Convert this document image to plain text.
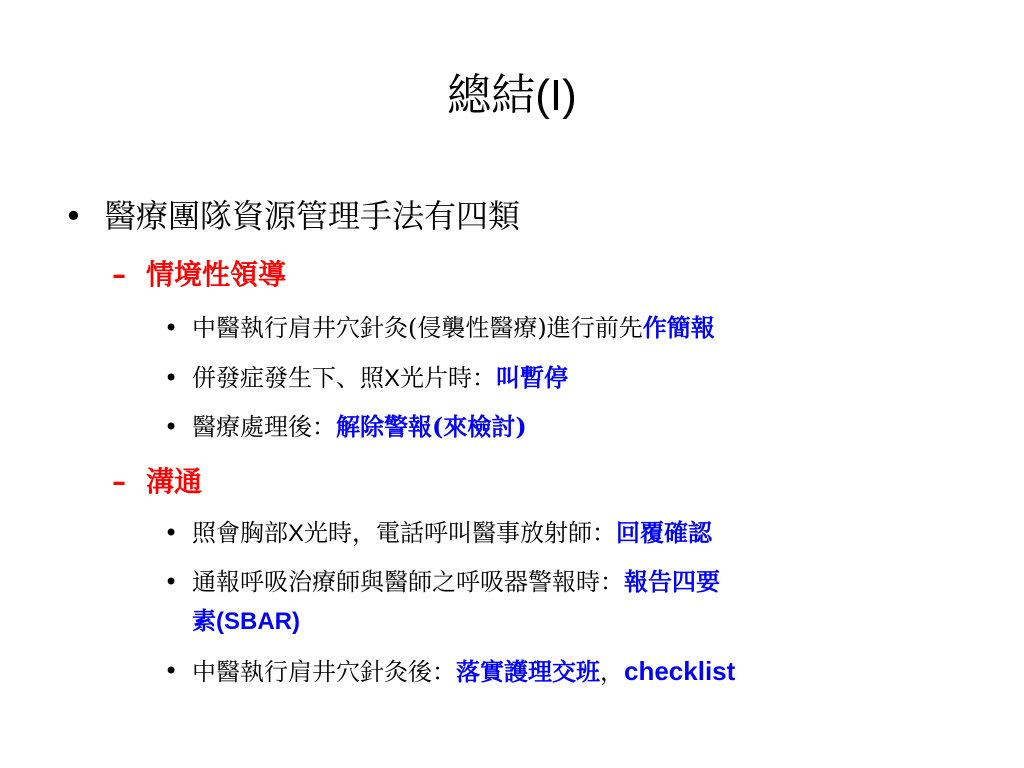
總結(I)
• 醫療團隊資源管理手法有四類
– 情境性領導
• 中醫執行肩井穴針灸(侵襲性醫療)進行前先作簡報
• 併發症發生下、照X光片時：叫暫停
• 醫療處理後：解除警報(來檢討)
– 溝通
• 照會胸部X光時，電話呼叫醫事放射師：回覆確認
• 通報呼吸治療師與醫師之呼吸器警報時：報告四要
素(SBAR)
• 中醫執行肩井穴針灸後：落實護理交班，checklist
